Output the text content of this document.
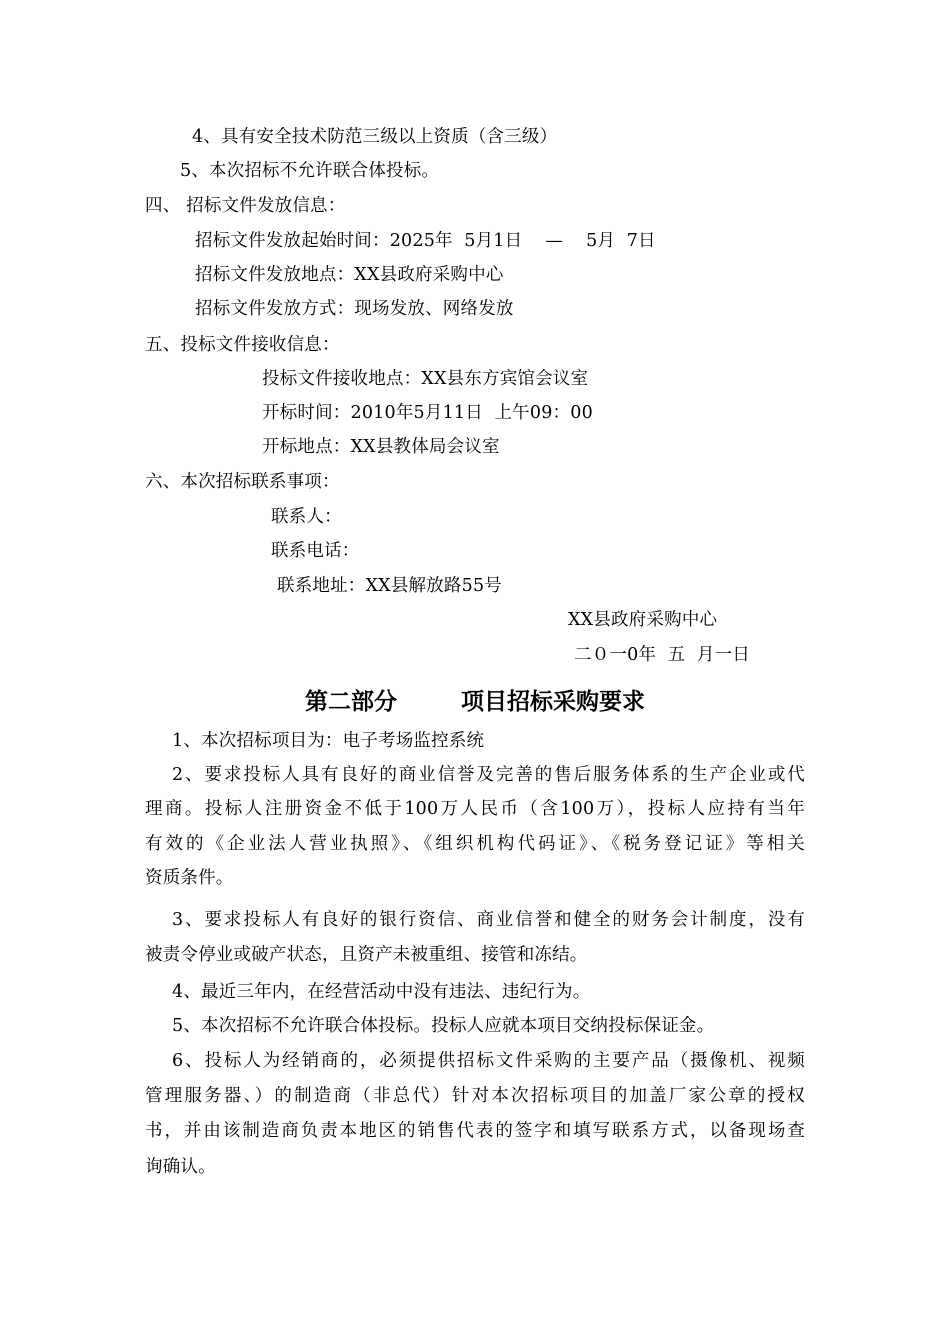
4、具有安全技术防范三级以上资质（含三级）
5、本次招标不允许联合体投标。
四、 招标文件发放信息：
招标文件发放起始时间：2025年  5月1日    —    5月  7日
招标文件发放地点：XX县政府采购中心
招标文件发放方式：现场发放、网络发放
五、投标文件接收信息：
投标文件接收地点：XX县东方宾馆会议室
开标时间：2010年5月11日  上午09：00
开标地点：XX县教体局会议室
六、本次招标联系事项：
联系人：
联系电话：
联系地址：XX县解放路55号
XX县政府采购中心
二０一0年  五  月一日
第二部分        项目招标采购要求
1、本次招标项目为：电子考场监控系统
2、要求投标人具有良好的商业信誉及完善的售后服务体系的生产企业或代
理商。投标人注册资金不低于100万人民币（含100万），投标人应持有当年
有效的《企业法人营业执照》、《组织机构代码证》、《税务登记证》等相关
资质条件。
3、要求投标人有良好的银行资信、商业信誉和健全的财务会计制度，没有
被责令停业或破产状态，且资产未被重组、接管和冻结。
4、最近三年内，在经营活动中没有违法、违纪行为。
5、本次招标不允许联合体投标。投标人应就本项目交纳投标保证金。
6、投标人为经销商的，必须提供招标文件采购的主要产品（摄像机、视频
管理服务器、）的制造商（非总代）针对本次招标项目的加盖厂家公章的授权
书，并由该制造商负责本地区的销售代表的签字和填写联系方式，以备现场查
询确认。
